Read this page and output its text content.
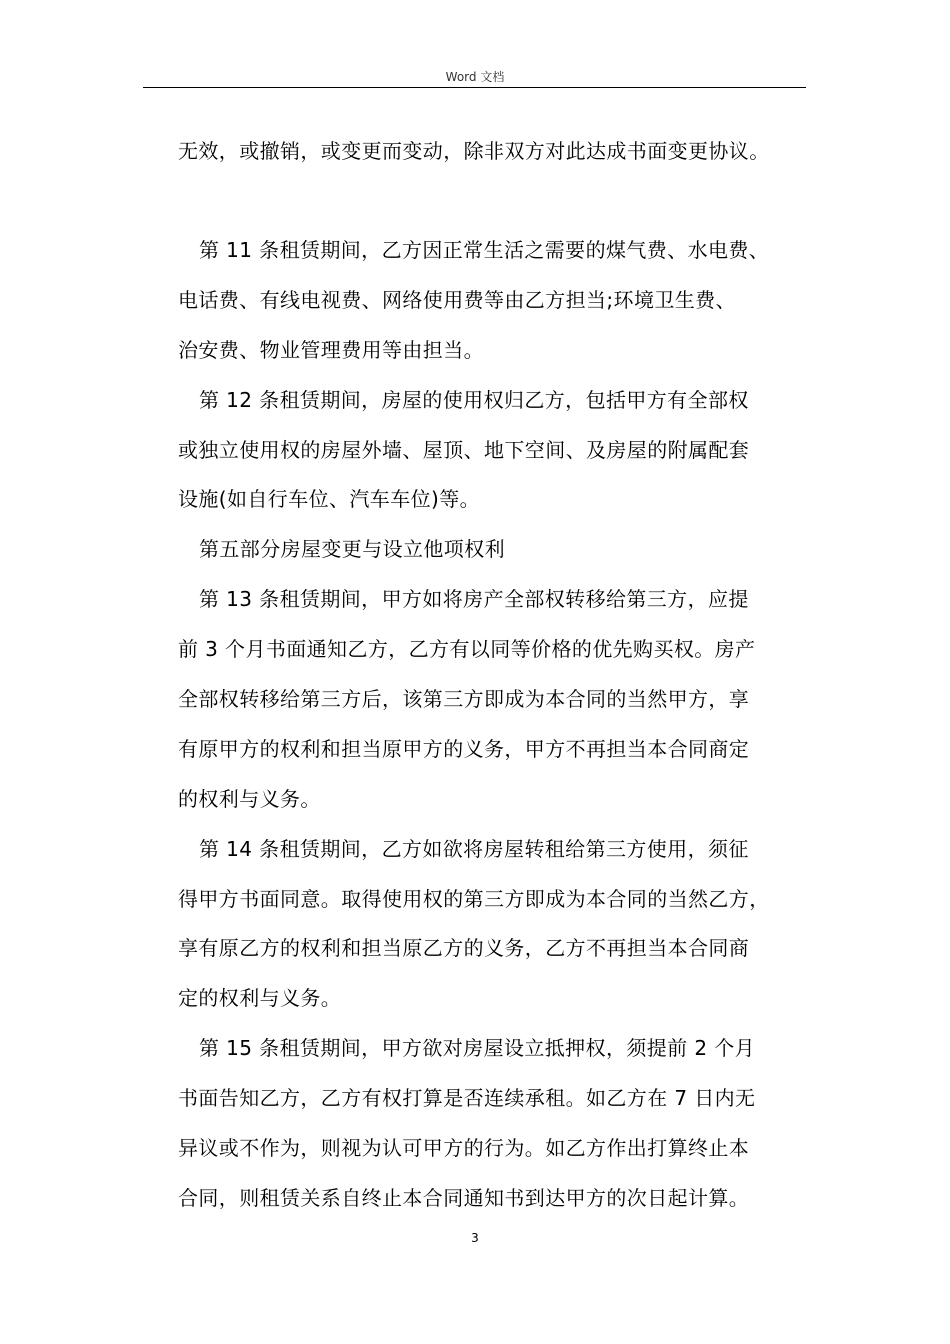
Word 文档
无效，或撤销，或变更而变动，除非双方对此达成书面变更协议。
第 11 条租赁期间，乙方因正常生活之需要的煤气费、水电费、
电话费、有线电视费、网络使用费等由乙方担当;环境卫生费、
治安费、物业管理费用等由担当。
第 12 条租赁期间，房屋的使用权归乙方，包括甲方有全部权
或独立使用权的房屋外墙、屋顶、地下空间、及房屋的附属配套
设施(如自行车位、汽车车位)等。
第五部分房屋变更与设立他项权利
第 13 条租赁期间，甲方如将房产全部权转移给第三方，应提
前 3 个月书面通知乙方，乙方有以同等价格的优先购买权。房产
全部权转移给第三方后，该第三方即成为本合同的当然甲方，享
有原甲方的权利和担当原甲方的义务，甲方不再担当本合同商定
的权利与义务。
第 14 条租赁期间，乙方如欲将房屋转租给第三方使用，须征
得甲方书面同意。取得使用权的第三方即成为本合同的当然乙方，
享有原乙方的权利和担当原乙方的义务，乙方不再担当本合同商
定的权利与义务。
第 15 条租赁期间，甲方欲对房屋设立抵押权，须提前 2 个月
书面告知乙方，乙方有权打算是否连续承租。如乙方在 7 日内无
异议或不作为，则视为认可甲方的行为。如乙方作出打算终止本
合同，则租赁关系自终止本合同通知书到达甲方的次日起计算。
3
